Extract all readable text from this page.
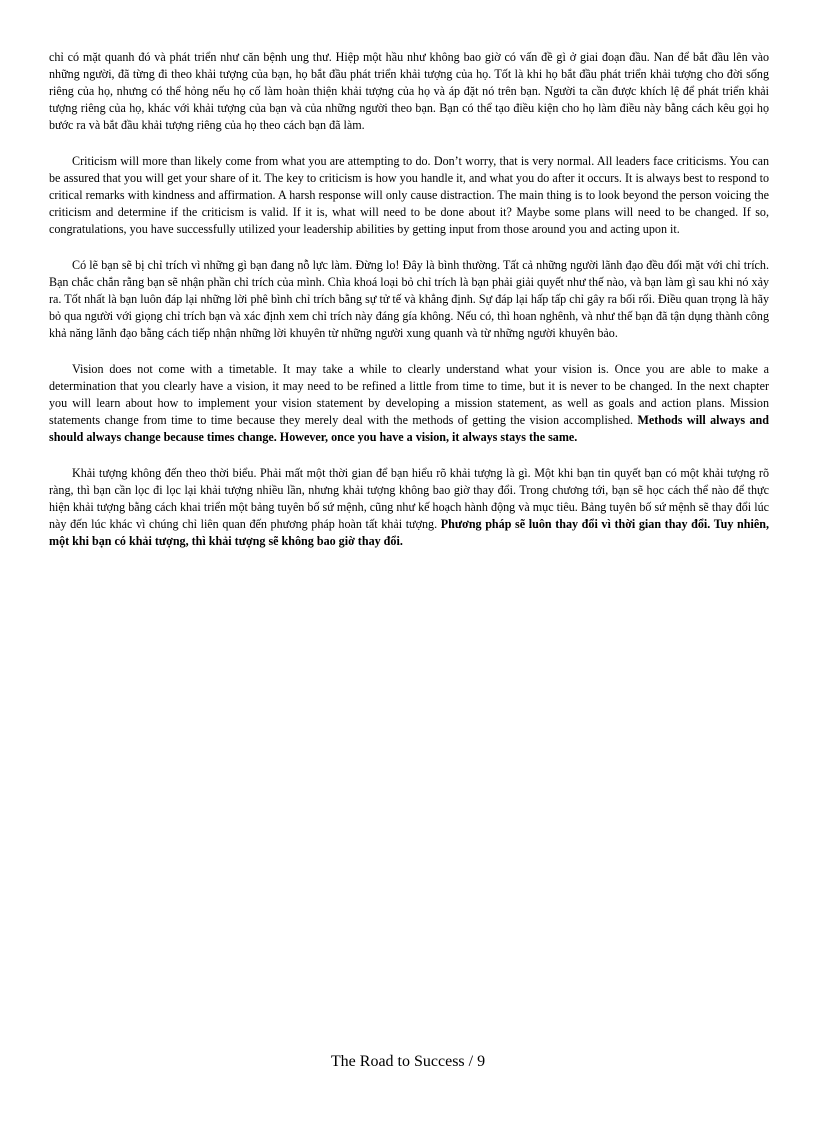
chỉ có mặt quanh đó và phát triển như căn bệnh ung thư. Hiệp một hầu như không bao giờ có vấn đề gì ở giai đoạn đầu. Nan để bắt đầu lên vào những người, đã từng đi theo khải tượng của bạn, họ bắt đầu phát triển khải tượng của họ. Tốt là khi họ bắt đầu phát triển khải tượng cho đời sống riêng của họ, nhưng có thể hỏng nếu họ cố làm hoàn thiện khải tượng của họ và áp đặt nó trên bạn. Người ta cần được khích lệ để phát triển khải tượng riêng của họ, khác với khải tượng của bạn và của những người theo bạn. Bạn có thể tạo điều kiện cho họ làm điều này bằng cách kêu gọi họ bước ra và bắt đầu khải tượng riêng của họ theo cách bạn đã làm.

Criticism will more than likely come from what you are attempting to do. Don’t worry, that is very normal. All leaders face criticisms. You can be assured that you will get your share of it. The key to criticism is how you handle it, and what you do after it occurs. It is always best to respond to critical remarks with kindness and affirmation. A harsh response will only cause distraction. The main thing is to look beyond the person voicing the criticism and determine if the criticism is valid. If it is, what will need to be done about it? Maybe some plans will need to be changed. If so, congratulations, you have successfully utilized your leadership abilities by getting input from those around you and acting upon it.

Có lẽ bạn sẽ bị chỉ trích vì những gì bạn đang nỗ lực làm. Đừng lo! Đây là bình thường. Tất cả những người lãnh đạo đều đối mặt với chỉ trích. Bạn chắc chắn rằng bạn sẽ nhận phần chỉ trích của mình. Chìa khoá loại bỏ chỉ trích là bạn phải giải quyết như thế nào, và bạn làm gì sau khi nó xảy ra. Tốt nhất là bạn luôn đáp lại những lời phê bình chỉ trích bằng sự tử tế và khẳng định. Sự đáp lại hấp tấp chỉ gây ra bối rối. Điều quan trọng là hãy bỏ qua người với giọng chỉ trích bạn và xác định xem chỉ trích này đáng gía không. Nếu có, thì hoan nghênh, và như thế bạn đã tận dụng thành công khả năng lãnh đạo bằng cách tiếp nhận những lời khuyên từ những người xung quanh và từ những người khuyên bảo.

Vision does not come with a timetable. It may take a while to clearly understand what your vision is. Once you are able to make a determination that you clearly have a vision, it may need to be refined a little from time to time, but it is never to be changed. In the next chapter you will learn about how to implement your vision statement by developing a mission statement, as well as goals and action plans. Mission statements change from time to time because they merely deal with the methods of getting the vision accomplished. Methods will always and should always change because times change. However, once you have a vision, it always stays the same.

Khải tượng không đến theo thời biểu. Phải mất một thời gian để bạn hiểu rõ khải tượng là gì. Một khi bạn tin quyết bạn có một khải tượng rõ ràng, thì bạn cần lọc đi lọc lại khải tượng nhiều lần, nhưng khải tượng không bao giờ thay đổi. Trong chương tới, bạn sẽ học cách thể nào để thực hiện khải tượng bằng cách khai triển một bảng tuyên bố sứ mệnh, cũng như kế hoạch hành động và mục tiêu. Bảng tuyên bố sứ mệnh sẽ thay đổi lúc này đến lúc khác vì chúng chỉ liên quan đến phương pháp hoàn tất khải tượng. Phương pháp sẽ luôn thay đổi vì thời gian thay đổi. Tuy nhiên, một khi bạn có khải tượng, thì khải tượng sẽ không bao giờ thay đổi.

The Road to Success / 9
